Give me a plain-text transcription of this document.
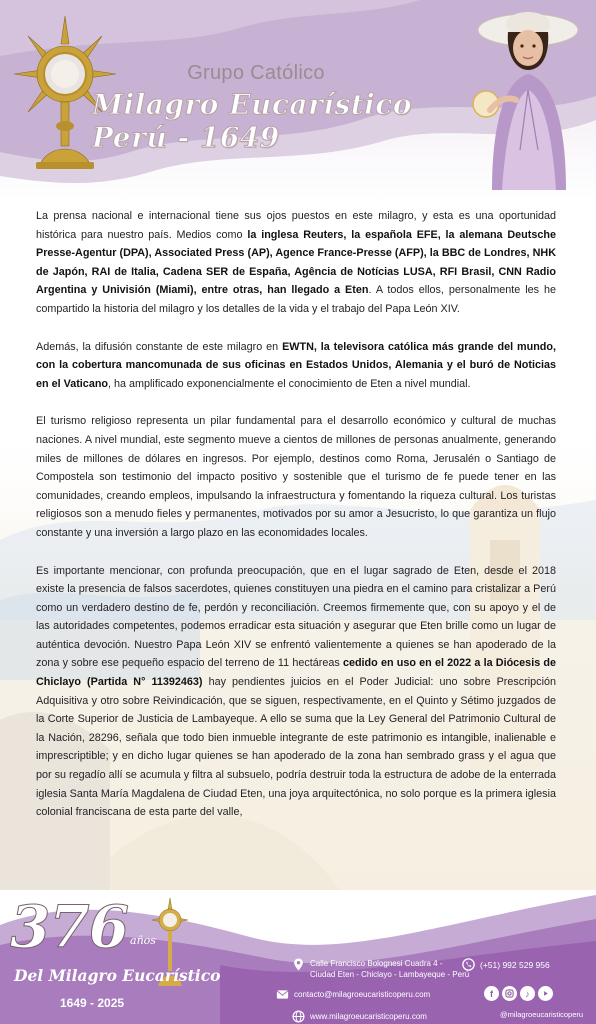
Grupo Católico
Milagro Eucarístico Perú - 1649

La prensa nacional e internacional tiene sus ojos puestos en este milagro, y esta es una oportunidad histórica para nuestro país. Medios como la inglesa Reuters, la española EFE, la alemana Deutsche Presse-Agentur (DPA), Associated Press (AP), Agence France-Presse (AFP), la BBC de Londres, NHK de Japón, RAI de Italia, Cadena SER de España, Agência de Notícias LUSA, RFI Brasil, CNN Radio Argentina y Univisión (Miami), entre otras, han llegado a Eten. A todos ellos, personalmente les he compartido la historia del milagro y los detalles de la vida y el trabajo del Papa León XIV.

Además, la difusión constante de este milagro en EWTN, la televisora católica más grande del mundo, con la cobertura mancomunada de sus oficinas en Estados Unidos, Alemania y el buró de Noticias en el Vaticano, ha amplificado exponencialmente el conocimiento de Eten a nivel mundial.

El turismo religioso representa un pilar fundamental para el desarrollo económico y cultural de muchas naciones. A nivel mundial, este segmento mueve a cientos de millones de personas anualmente, generando miles de millones de dólares en ingresos. Por ejemplo, destinos como Roma, Jerusalén o Santiago de Compostela son testimonio del impacto positivo y sostenible que el turismo de fe puede tener en las comunidades, creando empleos, impulsando la infraestructura y fomentando la riqueza cultural. Los turistas religiosos son a menudo fieles y permanentes, motivados por su amor a Jesucristo, lo que garantiza un flujo constante y una inversión a largo plazo en las economidades locales.

Es importante mencionar, con profunda preocupación, que en el lugar sagrado de Eten, desde el 2018 existe la presencia de falsos sacerdotes, quienes constituyen una piedra en el camino para cristalizar a Perú como un verdadero destino de fe, perdón y reconciliación. Creemos firmemente que, con su apoyo y el de las autoridades competentes, podemos erradicar esta situación y asegurar que Eten brille como un lugar de auténtica devoción. Nuestro Papa León XIV se enfrentó valientemente a quienes se han apoderado de la zona y sobre ese pequeño espacio del terreno de 11 hectáreas cedido en uso en el 2022 a la Diócesis de Chiclayo (Partida N° 11392463) hay pendientes juicios en el Poder Judicial: uno sobre Prescripción Adquisitiva y otro sobre Reivindicación, que se siguen, respectivamente, en el Quinto y Sétimo juzgados de la Corte Superior de Justicia de Lambayeque. A ello se suma que la Ley General del Patrimonio Cultural de la Nación, 28296, señala que todo bien inmueble integrante de este patrimonio es intangible, inalienable e imprescriptible; y en dicho lugar quienes se han apoderado de la zona han sembrado grass y el agua que por su regadío allí se acumula y filtra al subsuelo, podría destruir toda la estructura de adobe de la enterrada iglesia Santa María Magdalena de Ciudad Eten, una joya arquitectónica, no solo porque es la primera iglesia colonial franciscana de esta parte del valle,

376 años
Del Milagro Eucarístico
1649 - 2025
Calle Francisco Bolognesi Cuadra 4 -
Ciudad Eten - Chiclayo - Lambayeque - Perú
(+51) 992 529 956
contacto@milagroeucaristicoperu.com	f	♪
www.milagroeucaristicoperu.com	@milagroeucaristicoperu
